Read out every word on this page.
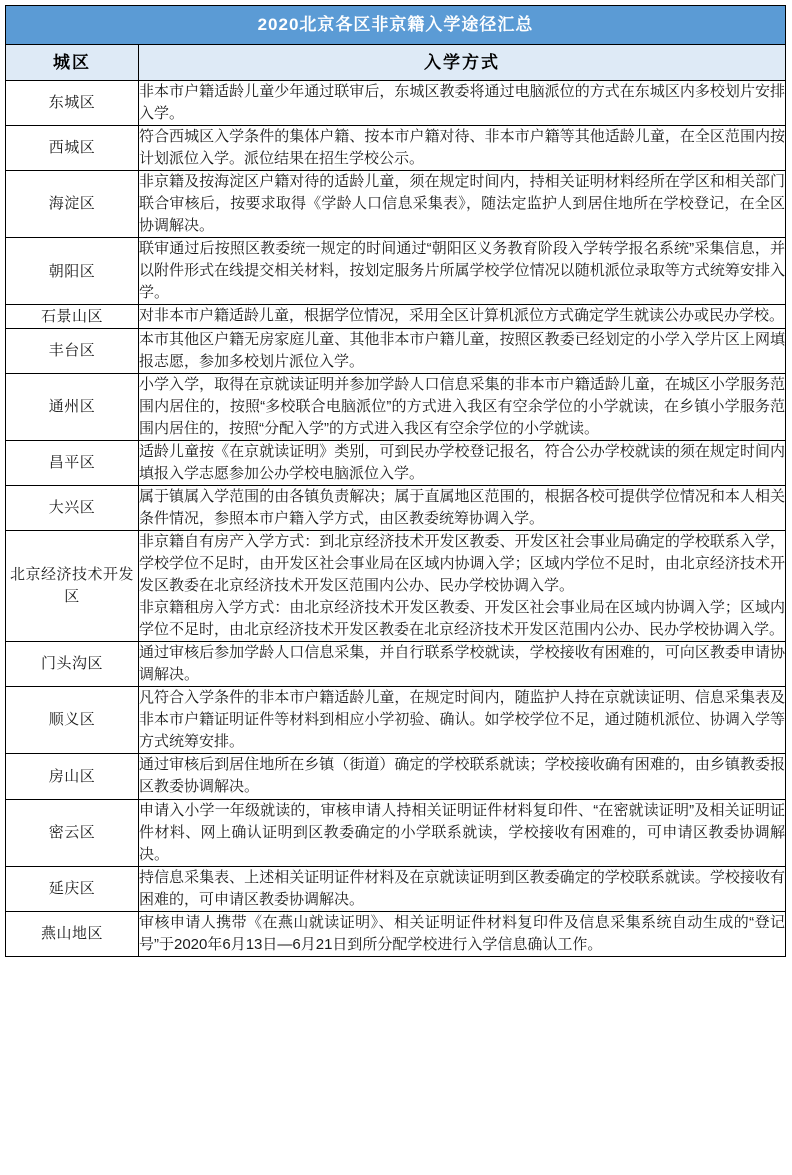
2020北京各区非京籍入学途径汇总	
城区	入学方式
东城区	非本市户籍适龄儿童少年通过联审后，东城区教委将通过电脑派位的方式在东城区内多校划片安排入学。

西城区	符合西城区入学条件的集体户籍、按本市户籍对待、非本市户籍等其他适龄儿童，在全区范围内按计划派位入学。派位结果在招生学校公示。

海淀区	非京籍及按海淀区户籍对待的适龄儿童，须在规定时间内，持相关证明材料经所在学区和相关部门联合审核后，按要求取得《学龄人口信息采集表》，随法定监护人到居住地所在学校登记，在全区协调解决。

朝阳区	联审通过后按照区教委统一规定的时间通过“朝阳区义务教育阶段入学转学报名系统”采集信息，并以附件形式在线提交相关材料，按划定服务片所属学校学位情况以随机派位录取等方式统筹安排入学。

石景山区	对非本市户籍适龄儿童，根据学位情况，采用全区计算机派位方式确定学生就读公办或民办学校。

丰台区	本市其他区户籍无房家庭儿童、其他非本市户籍儿童，按照区教委已经划定的小学入学片区上网填报志愿，参加多校划片派位入学。

通州区	小学入学，取得在京就读证明并参加学龄人口信息采集的非本市户籍适龄儿童，在城区小学服务范围内居住的，按照“多校联合电脑派位”的方式进入我区有空余学位的小学就读，在乡镇小学服务范围内居住的，按照“分配入学”的方式进入我区有空余学位的小学就读。

昌平区	适龄儿童按《在京就读证明》类别，可到民办学校登记报名，符合公办学校就读的须在规定时间内填报入学志愿参加公办学校电脑派位入学。

大兴区	属于镇属入学范围的由各镇负责解决；属于直属地区范围的，根据各校可提供学位情况和本人相关条件情况，参照本市户籍入学方式，由区教委统筹协调入学。

北京经济技术开发区	非京籍自有房产入学方式：到北京经济技术开发区教委、开发区社会事业局确定的学校联系入学，学校学位不足时，由开发区社会事业局在区域内协调入学；区域内学位不足时，由北京经济技术开发区教委在北京经济技术开发区范围内公办、民办学校协调入学。

非京籍租房入学方式：由北京经济技术开发区教委、开发区社会事业局在区域内协调入学；区域内学位不足时，由北京经济技术开发区教委在北京经济技术开发区范围内公办、民办学校协调入学。

门头沟区	通过审核后参加学龄人口信息采集，并自行联系学校就读，学校接收有困难的，可向区教委申请协调解决。

顺义区	凡符合入学条件的非本市户籍适龄儿童，在规定时间内，随监护人持在京就读证明、信息采集表及非本市户籍证明证件等材料到相应小学初验、确认。如学校学位不足，通过随机派位、协调入学等方式统筹安排。

房山区	通过审核后到居住地所在乡镇（街道）确定的学校联系就读；学校接收确有困难的，由乡镇教委报区教委协调解决。

密云区	申请入小学一年级就读的，审核申请人持相关证明证件材料复印件、“在密就读证明”及相关证明证件材料、网上确认证明到区教委确定的小学联系就读，学校接收有困难的，可申请区教委协调解决。

延庆区	持信息采集表、上述相关证明证件材料及在京就读证明到区教委确定的学校联系就读。学校接收有困难的，可申请区教委协调解决。

燕山地区	审核申请人携带《在燕山就读证明》、相关证明证件材料复印件及信息采集系统自动生成的“登记号”于2020年6月13日—6月21日到所分配学校进行入学信息确认工作。
